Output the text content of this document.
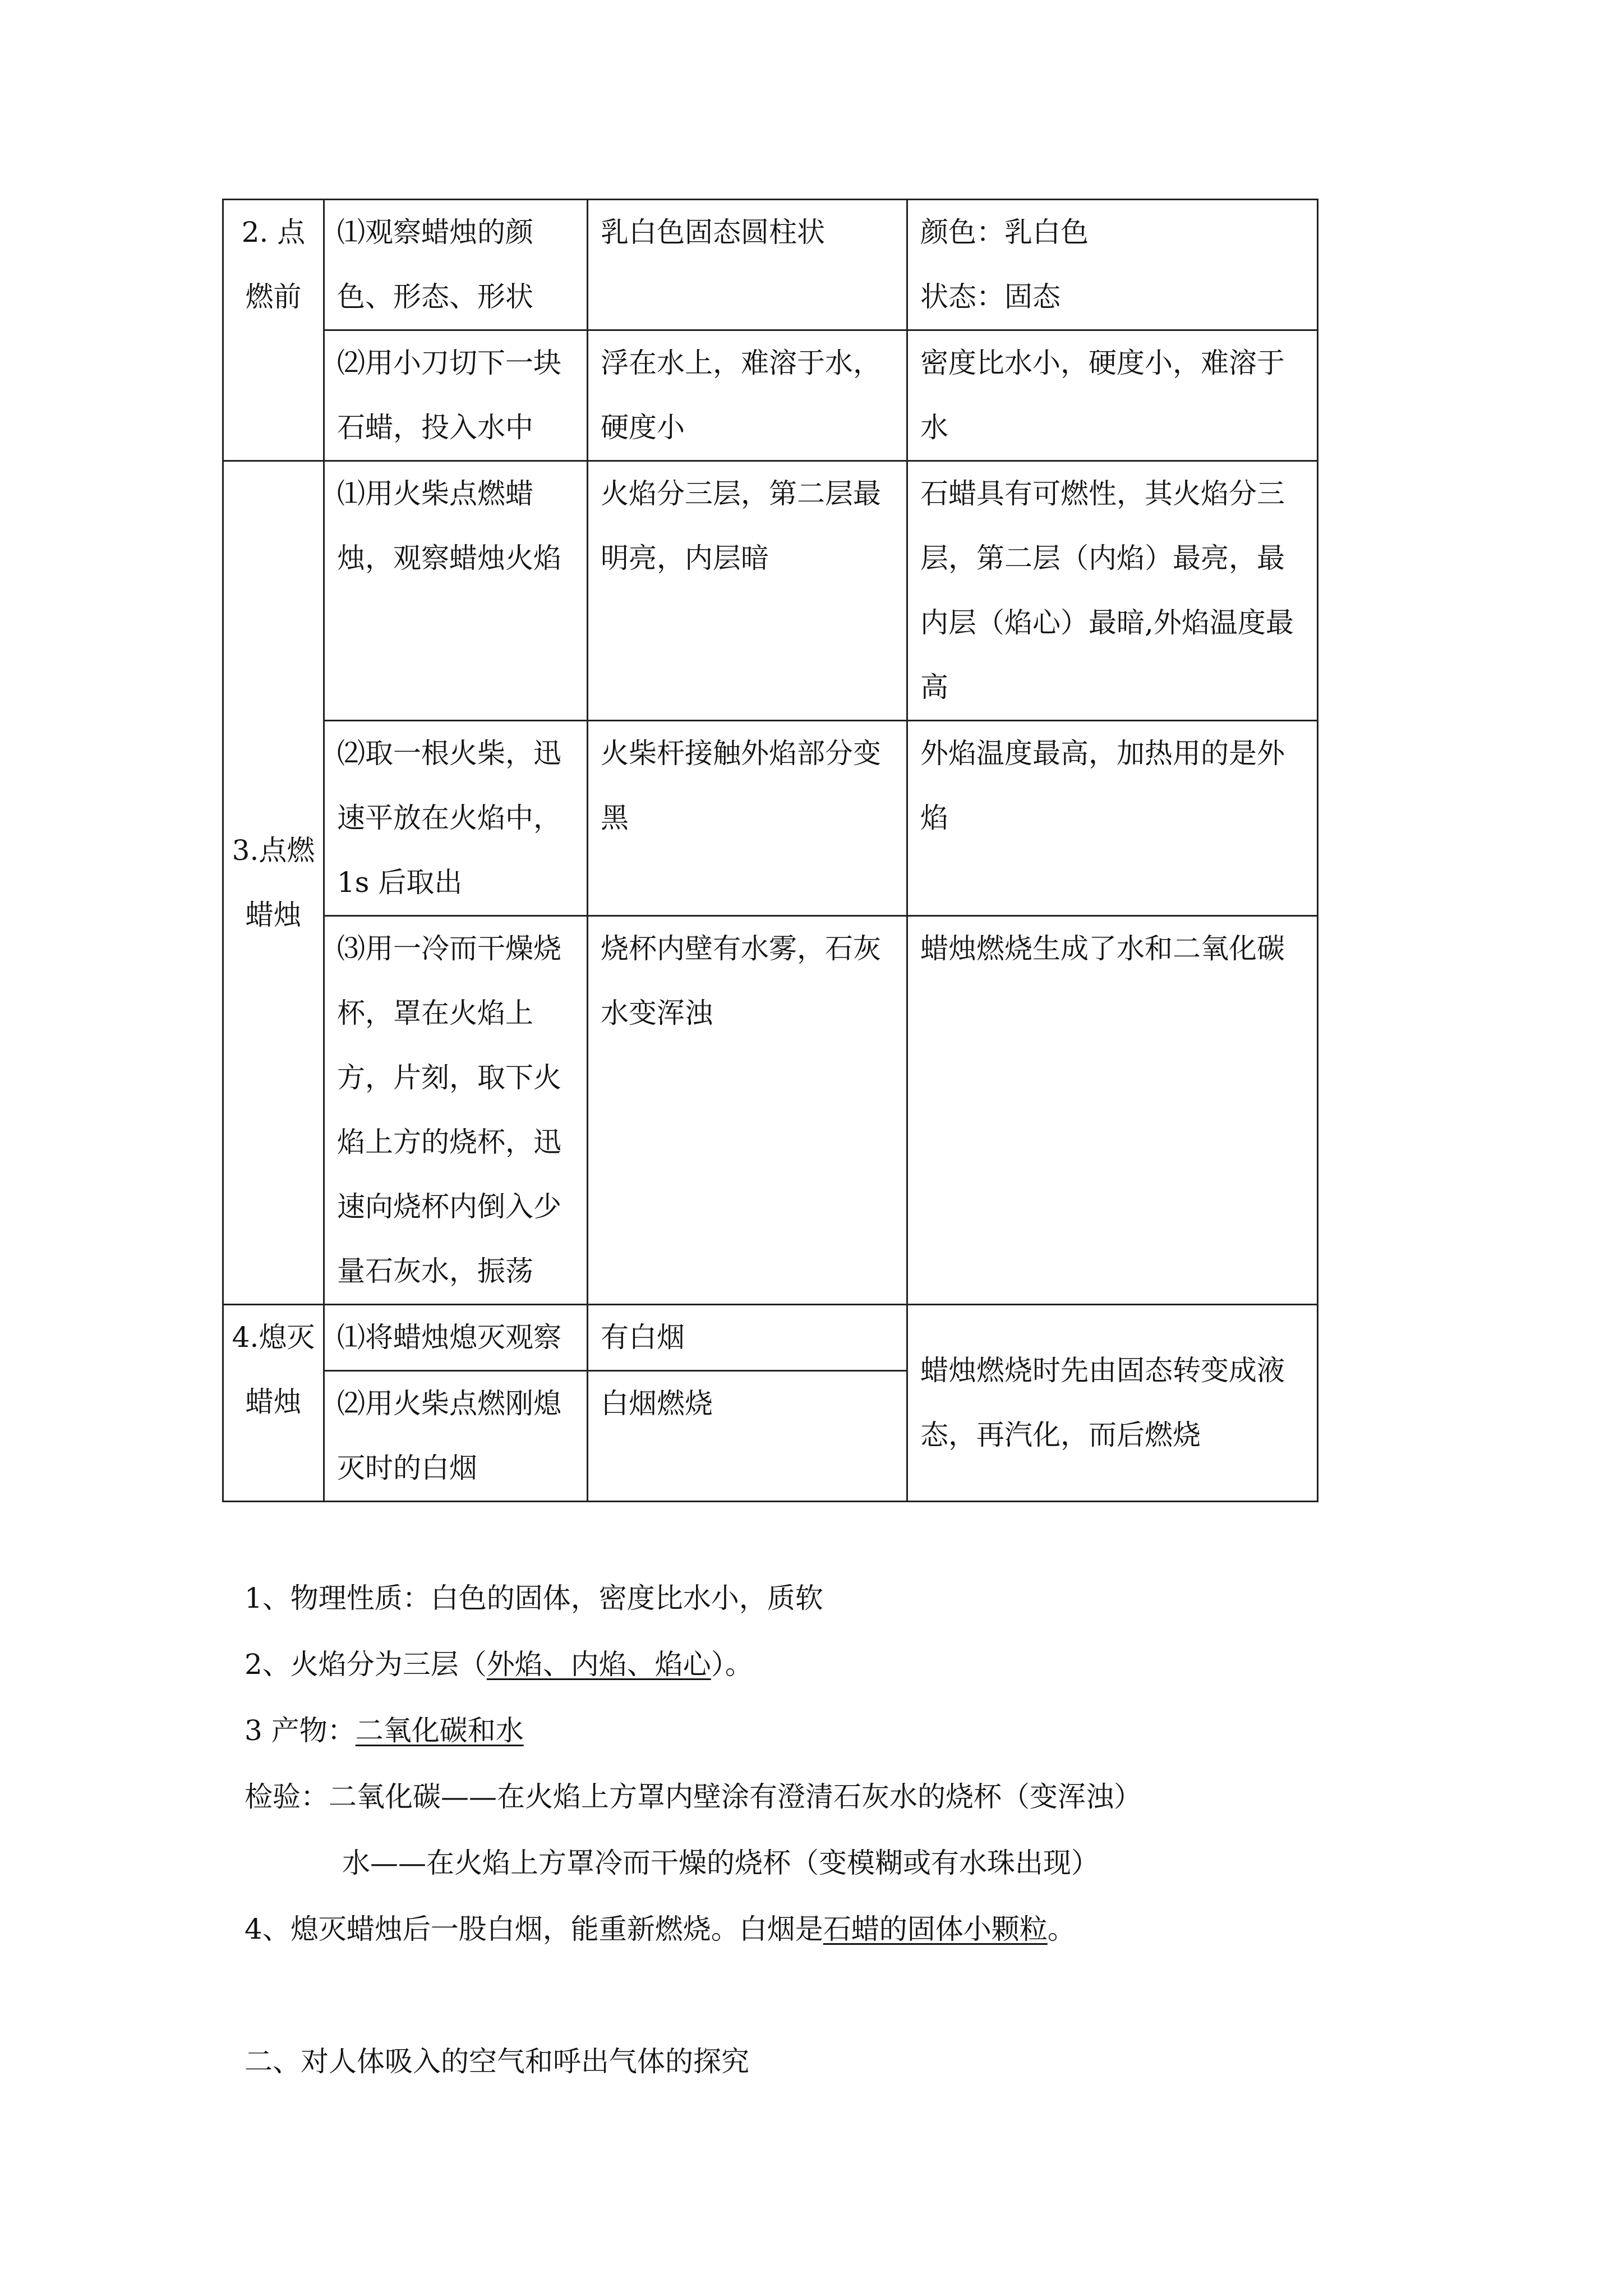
2. 点燃前	⑴观察蜡烛的颜色、形态、形状	乳白色固态圆柱状	颜色：乳白色
状态：固态
	⑵用小刀切下一块石蜡，投入水中	浮在水上，难溶于水，硬度小	密度比水小，硬度小，难溶于水
3.点燃蜡烛	⑴用火柴点燃蜡烛，观察蜡烛火焰	火焰分三层，第二层最明亮，内层暗	石蜡具有可燃性，其火焰分三层，第二层（内焰）最亮，最内层（焰心）最暗,外焰温度最高
	⑵取一根火柴，迅速平放在火焰中，1s 后取出	火柴杆接触外焰部分变黑	外焰温度最高，加热用的是外焰
	⑶用一冷而干燥烧杯，罩在火焰上方，片刻，取下火焰上方的烧杯，迅速向烧杯内倒入少量石灰水，振荡	烧杯内壁有水雾，石灰水变浑浊	蜡烛燃烧生成了水和二氧化碳
4.熄灭蜡烛	⑴将蜡烛熄灭观察	有白烟	蜡烛燃烧时先由固态转变成液态，再汽化，而后燃烧
	⑵用火柴点燃刚熄灭时的白烟	白烟燃烧	

1、物理性质：白色的固体，密度比水小，质软

2、火焰分为三层（外焰、内焰、焰心）。

3 产物：二氧化碳和水

检验：二氧化碳——在火焰上方罩内壁涂有澄清石灰水的烧杯（变浑浊）

水——在火焰上方罩冷而干燥的烧杯（变模糊或有水珠出现）

4、熄灭蜡烛后一股白烟，能重新燃烧。白烟是石蜡的固体小颗粒。

二、对人体吸入的空气和呼出气体的探究
